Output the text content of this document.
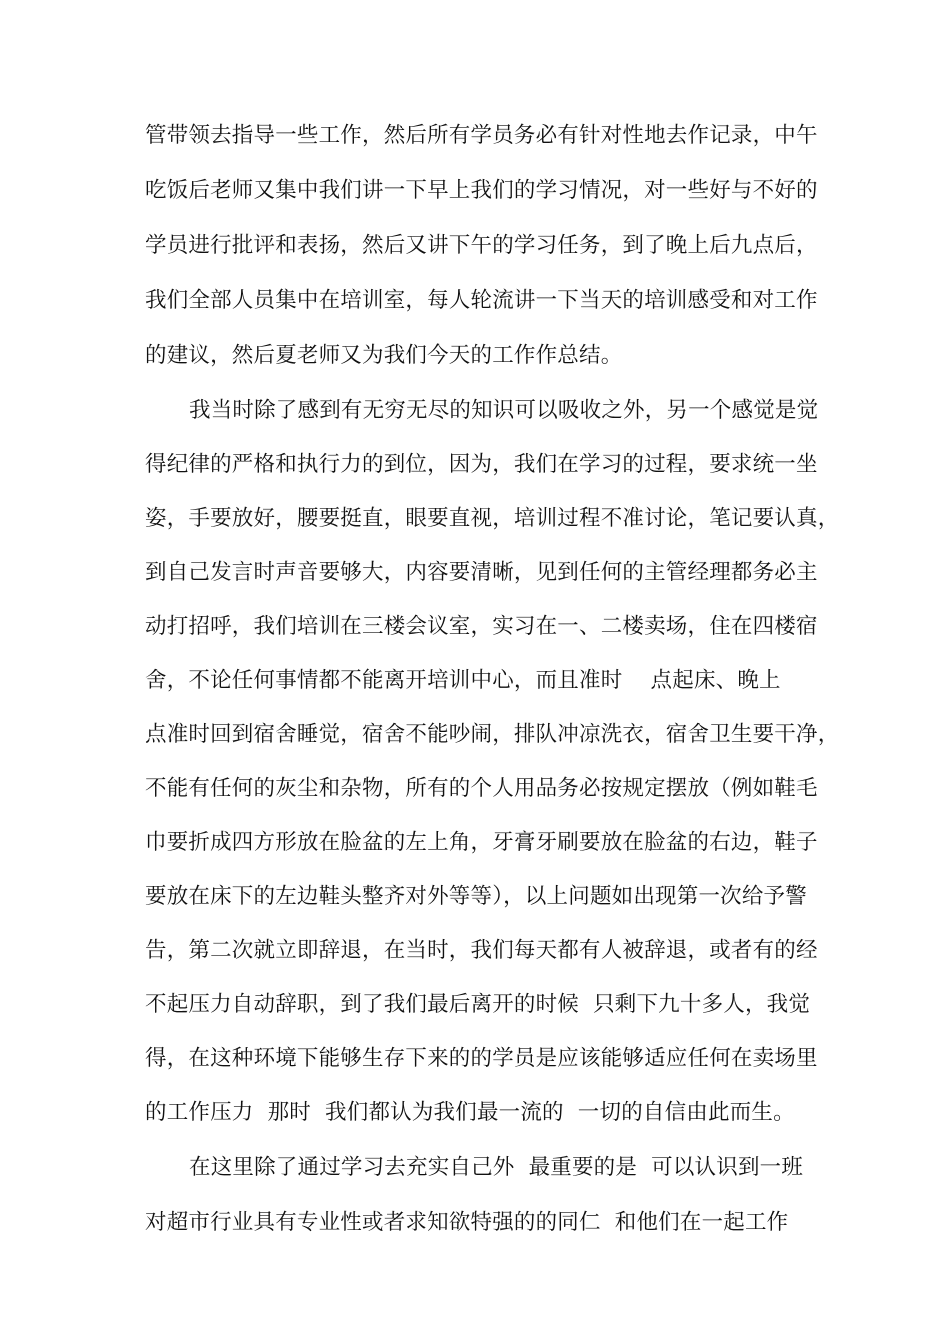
管带领去指导一些工作，然后所有学员务必有针对性地去作记录，中午
吃饭后老师又集中我们讲一下早上我们的学习情况，对一些好与不好的
学员进行批评和表扬，然后又讲下午的学习任务，到了晚上后九点后，
我们全部人员集中在培训室，每人轮流讲一下当天的培训感受和对工作
的建议，然后夏老师又为我们今天的工作作总结。
我当时除了感到有无穷无尽的知识可以吸收之外，另一个感觉是觉
得纪律的严格和执行力的到位，因为，我们在学习的过程，要求统一坐
姿，手要放好，腰要挺直，眼要直视，培训过程不准讨论，笔记要认真，
到自己发言时声音要够大，内容要清晰，见到任何的主管经理都务必主
动打招呼，我们培训在三楼会议室，实习在一、二楼卖场，住在四楼宿
舍，不论任何事情都不能离开培训中心，而且准时    点起床、晚上
点准时回到宿舍睡觉，宿舍不能吵闹，排队冲凉洗衣，宿舍卫生要干净，
不能有任何的灰尘和杂物，所有的个人用品务必按规定摆放（例如鞋毛
巾要折成四方形放在脸盆的左上角，牙膏牙刷要放在脸盆的右边，鞋子
要放在床下的左边鞋头整齐对外等等），以上问题如出现第一次给予警
告，第二次就立即辞退，在当时，我们每天都有人被辞退，或者有的经
不起压力自动辞职，到了我们最后离开的时候  只剩下九十多人，我觉
得，在这种环境下能够生存下来的的学员是应该能够适应任何在卖场里
的工作压力  那时  我们都认为我们最一流的  一切的自信由此而生。
在这里除了通过学习去充实自己外  最重要的是  可以认识到一班
对超市行业具有专业性或者求知欲特强的的同仁  和他们在一起工作
